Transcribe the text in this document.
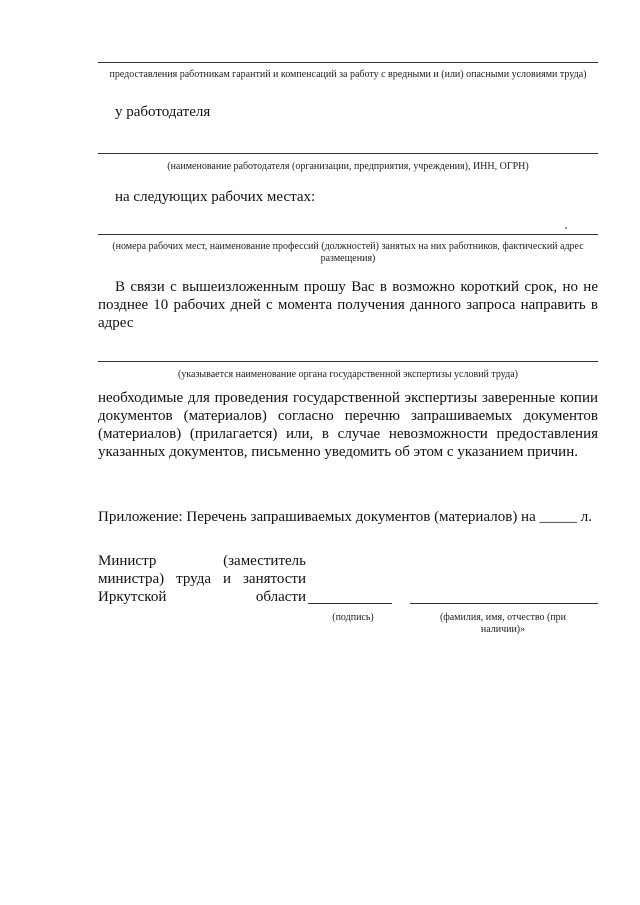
предоставления работникам гарантий и компенсаций за работу с вредными и (или) опасными условиями труда)
у работодателя
(наименование работодателя (организации, предприятия, учреждения), ИНН, ОГРН)
на следующих рабочих местах:
(номера рабочих мест, наименование профессий (должностей) занятых на них работников, фактический адрес размещения)
В связи с вышеизложенным прошу Вас в возможно короткий срок, но не позднее 10 рабочих дней с момента получения данного запроса направить в адрес
(указывается наименование органа государственной экспертизы условий труда)
необходимые для проведения государственной экспертизы заверенные копии документов (материалов) согласно перечню запрашиваемых документов (материалов) (прилагается) или, в случае невозможности предоставления указанных документов, письменно уведомить об этом с указанием причин.
Приложение: Перечень запрашиваемых документов (материалов) на _____ л.
Министр (заместитель министра) труда и занятости Иркутской области
(подпись)	(фамилия, имя, отчество (при наличии)»
